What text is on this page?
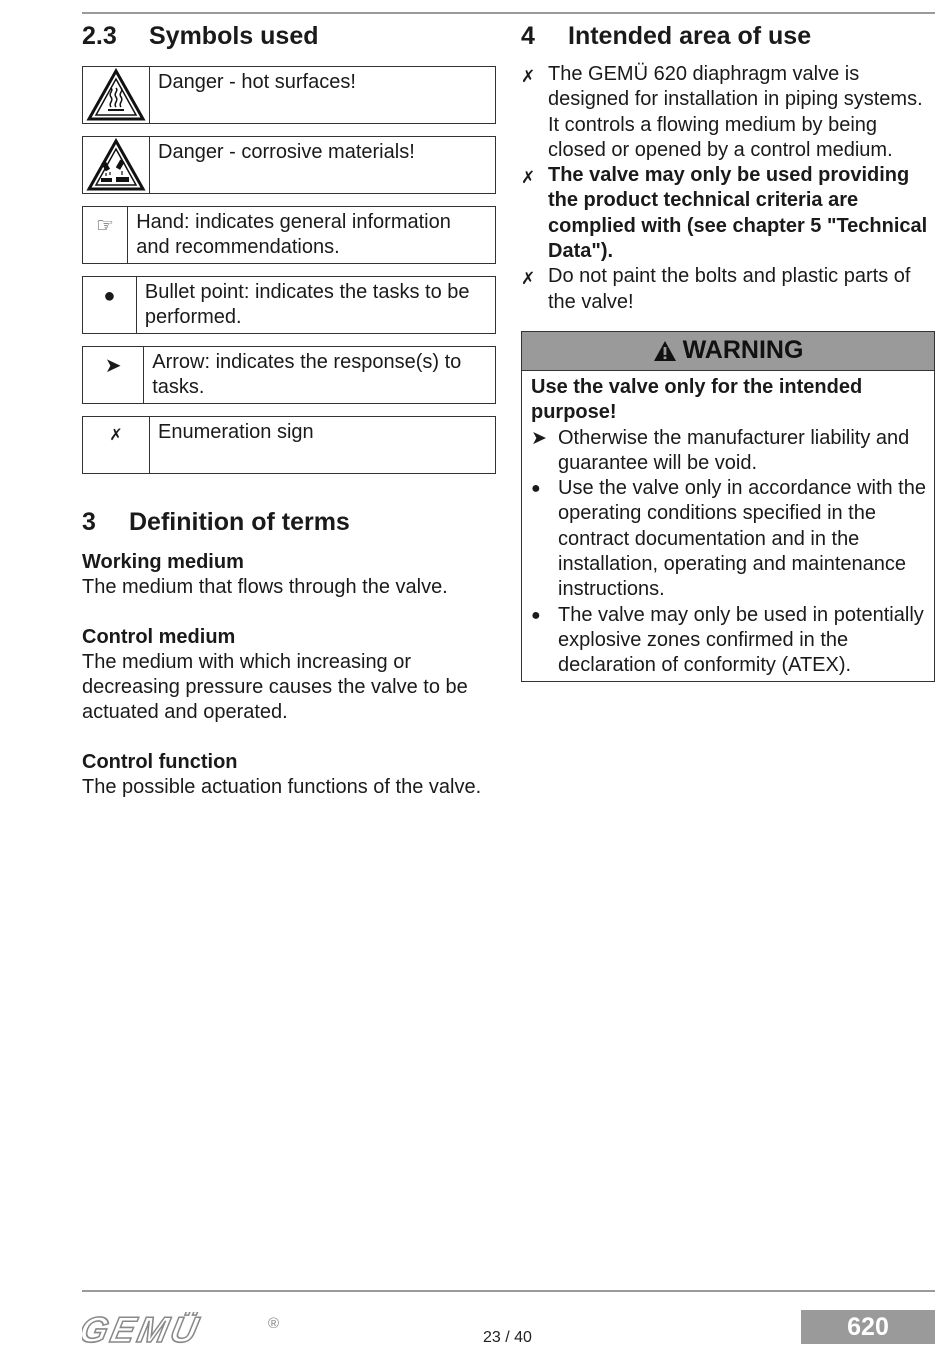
2.3	Symbols used
Danger - hot surfaces!
Danger - corrosive materials!
☞	Hand: indicates general information and recommendations.
●	Bullet point: indicates the tasks to be performed.
➤	Arrow: indicates the response(s) to tasks.
✗	Enumeration sign
3	Definition of terms
Working medium
The medium that flows through the valve.
Control medium
The medium with which increasing or decreasing pressure causes the valve to be actuated and operated.
Control function
The possible actuation functions of the valve.
4	Intended area of use
✗ The GEMÜ 620 diaphragm valve is designed for installation in piping systems. It controls a flowing medium by being closed or opened by a control medium.
✗ The valve may only be used providing the product technical criteria are complied with (see chapter 5 "Technical Data").
✗ Do not paint the bolts and plastic parts of the valve!
WARNING
Use the valve only for the intended purpose!
➤ Otherwise the manufacturer liability and guarantee will be void.
● Use the valve only in accordance with the operating conditions specified in the contract documentation and in the installation, operating and maintenance instructions.
● The valve may only be used in potentially explosive zones confirmed in the declaration of conformity (ATEX).
GEMÜ	®
23 / 40	620
